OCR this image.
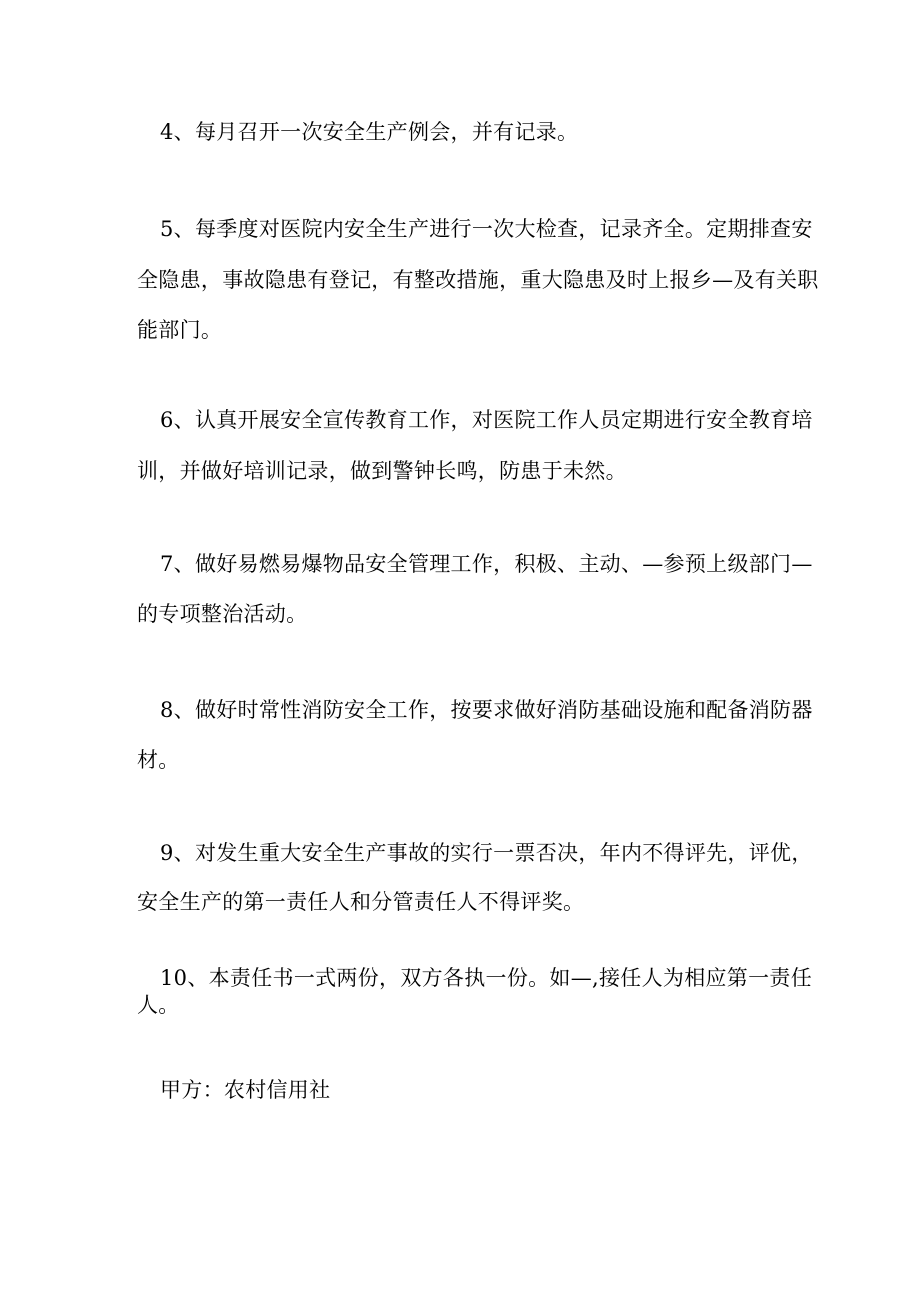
4、每月召开一次安全生产例会，并有记录。
5、每季度对医院内安全生产进行一次大检查，记录齐全。定期排查安
全隐患，事故隐患有登记，有整改措施，重大隐患及时上报乡—及有关职
能部门。
6、认真开展安全宣传教育工作，对医院工作人员定期进行安全教育培
训，并做好培训记录，做到警钟长鸣，防患于未然。
7、做好易燃易爆物品安全管理工作，积极、主动、—参预上级部门—
的专项整治活动。
8、做好时常性消防安全工作，按要求做好消防基础设施和配备消防器
材。
9、对发生重大安全生产事故的实行一票否决，年内不得评先，评优，
安全生产的第一责任人和分管责任人不得评奖。
10、本责任书一式两份，双方各执一份。如—,接任人为相应第一责任
人。
甲方：农村信用社
